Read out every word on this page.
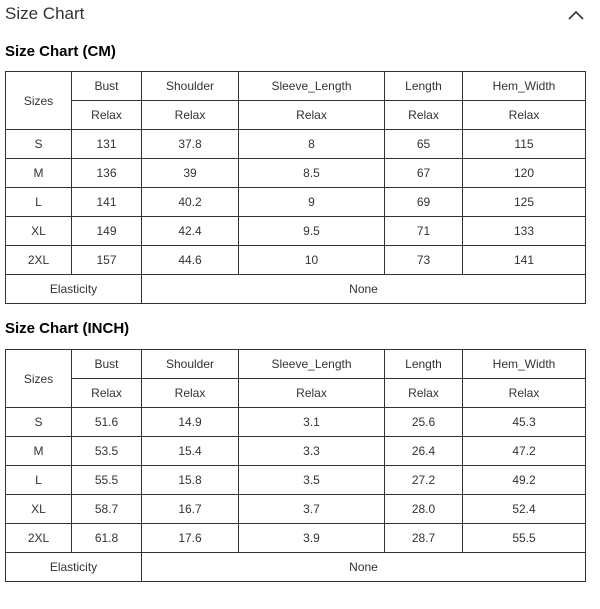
Size Chart
Size Chart (CM)
Sizes	Bust	Shoulder	Sleeve_Length	Length	Hem_Width
	Relax	Relax	Relax	Relax	Relax
S	131	37.8	8	65	115
M	136	39	8.5	67	120
L	141	40.2	9	69	125
XL	149	42.4	9.5	71	133
2XL	157	44.6	10	73	141
Elasticity		None			
Size Chart (INCH)
Sizes	Bust	Shoulder	Sleeve_Length	Length	Hem_Width
	Relax	Relax	Relax	Relax	Relax
S	51.6	14.9	3.1	25.6	45.3
M	53.5	15.4	3.3	26.4	47.2
L	55.5	15.8	3.5	27.2	49.2
XL	58.7	16.7	3.7	28.0	52.4
2XL	61.8	17.6	3.9	28.7	55.5
Elasticity		None			
